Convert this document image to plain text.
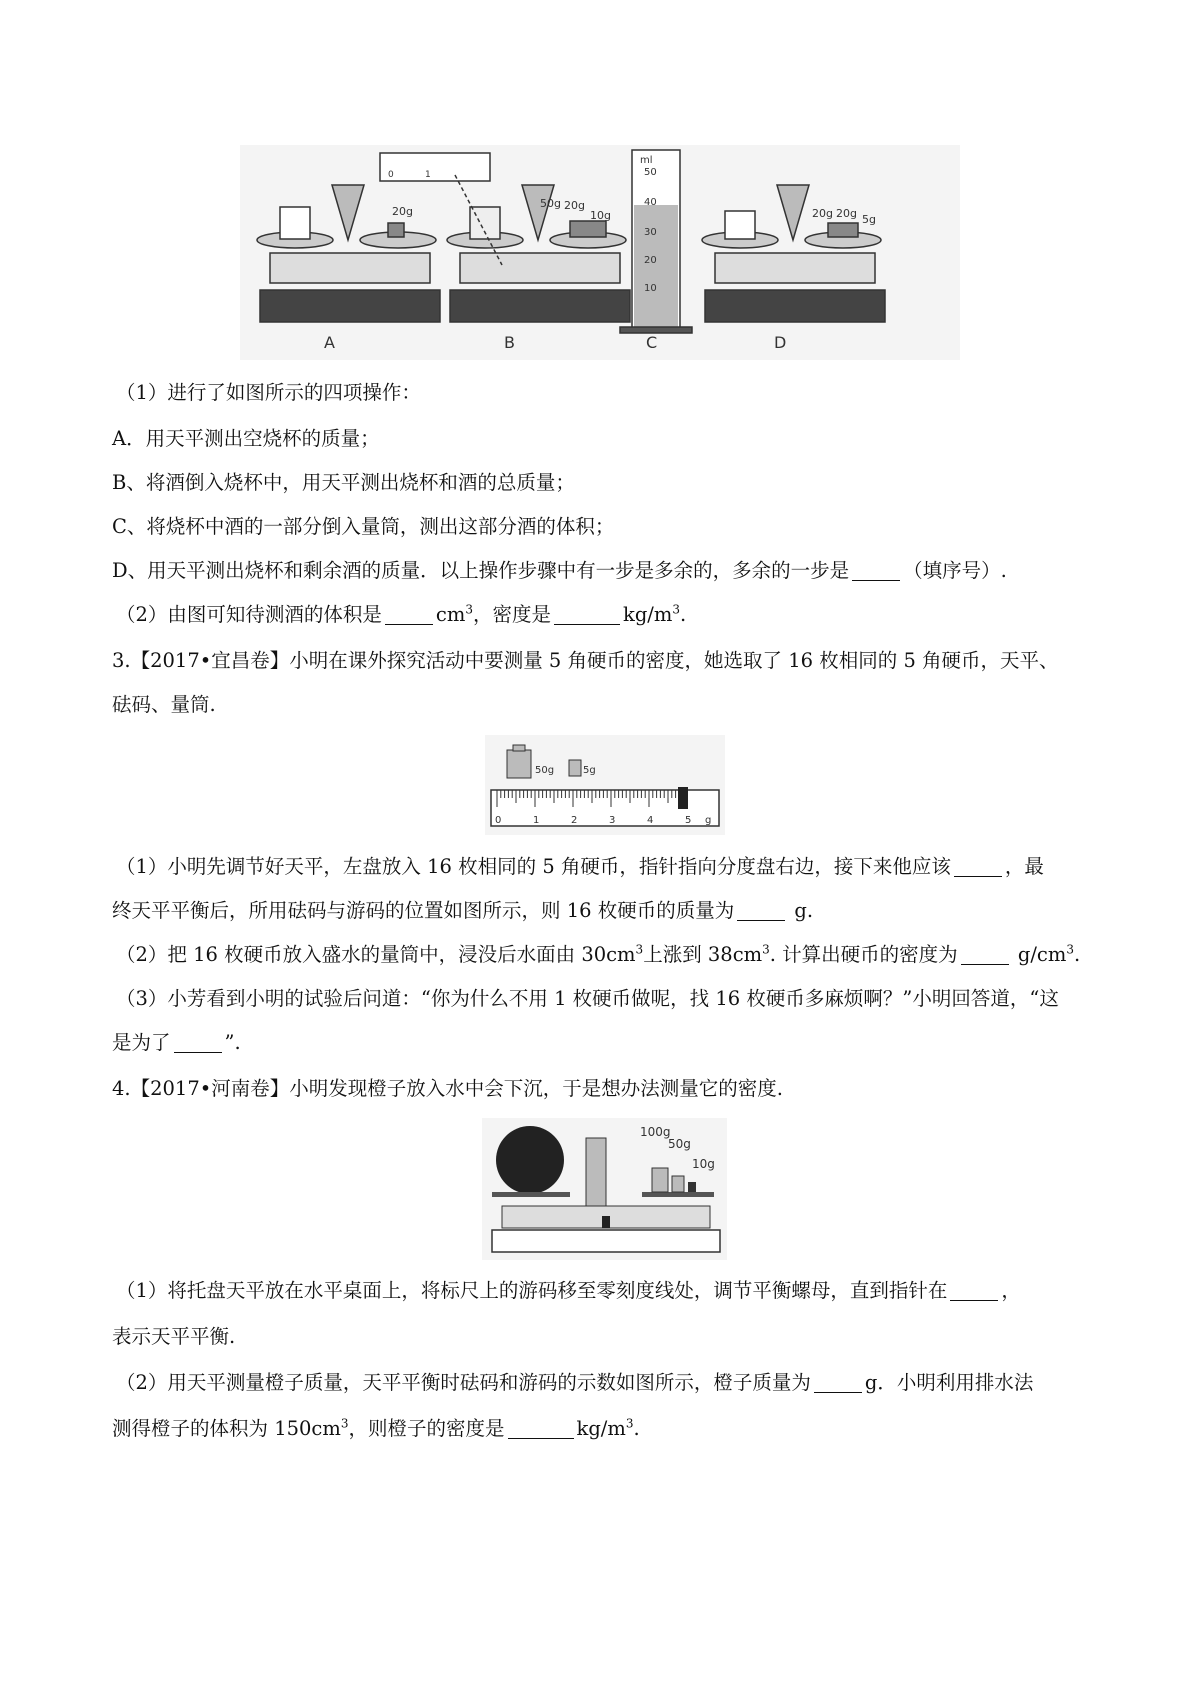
20g
A
0	1
50g 20g
10g
B
ml
50
40
30
20
10
C
20g 20g 5g
D
（1）进行了如图所示的四项操作：
A．用天平测出空烧杯的质量；
B、将酒倒入烧杯中，用天平测出烧杯和酒的总质量；
C、将烧杯中酒的一部分倒入量筒，测出这部分酒的体积；
D、用天平测出烧杯和剩余酒的质量．以上操作步骤中有一步是多余的，多余的一步是	（填序号）.
（2）由图可知待测酒的体积是	$cm^3$，密度是	$kg/m^3$.
3.【2017•宜昌卷】小明在课外探究活动中要测量 5 角硬币的密度，她选取了 16 枚相同的 5 角硬币，天平、
砝码、量筒.
50g	5g
0	1	2	3	4	5 g
（1）小明先调节好天平，左盘放入 16 枚相同的 5 角硬币，指针指向分度盘右边，接下来他应该	，最
终天平平衡后，所用砝码与游码的位置如图所示，则 16 枚硬币的质量为	g.
（2）把 16 枚硬币放入盛水的量筒中，浸没后水面由 $30cm^3$上涨到 $38cm^3$. 计算出硬币的密度为	$g/cm^3$.
（3）小芳看到小明的试验后问道：“你为什么不用 1 枚硬币做呢，找 16 枚硬币多麻烦啊？”小明回答道，“这
是为了	”.
4.【2017•河南卷】小明发现橙子放入水中会下沉，于是想办法测量它的密度.
100g
50g
10g
（1）将托盘天平放在水平桌面上，将标尺上的游码移至零刻度线处，调节平衡螺母，直到指针在	，
表示天平平衡.
（2）用天平测量橙子质量，天平平衡时砝码和游码的示数如图所示，橙子质量为	g．小明利用排水法
测得橙子的体积为 $150cm^3$，则橙子的密度是	$kg/m^3$.
